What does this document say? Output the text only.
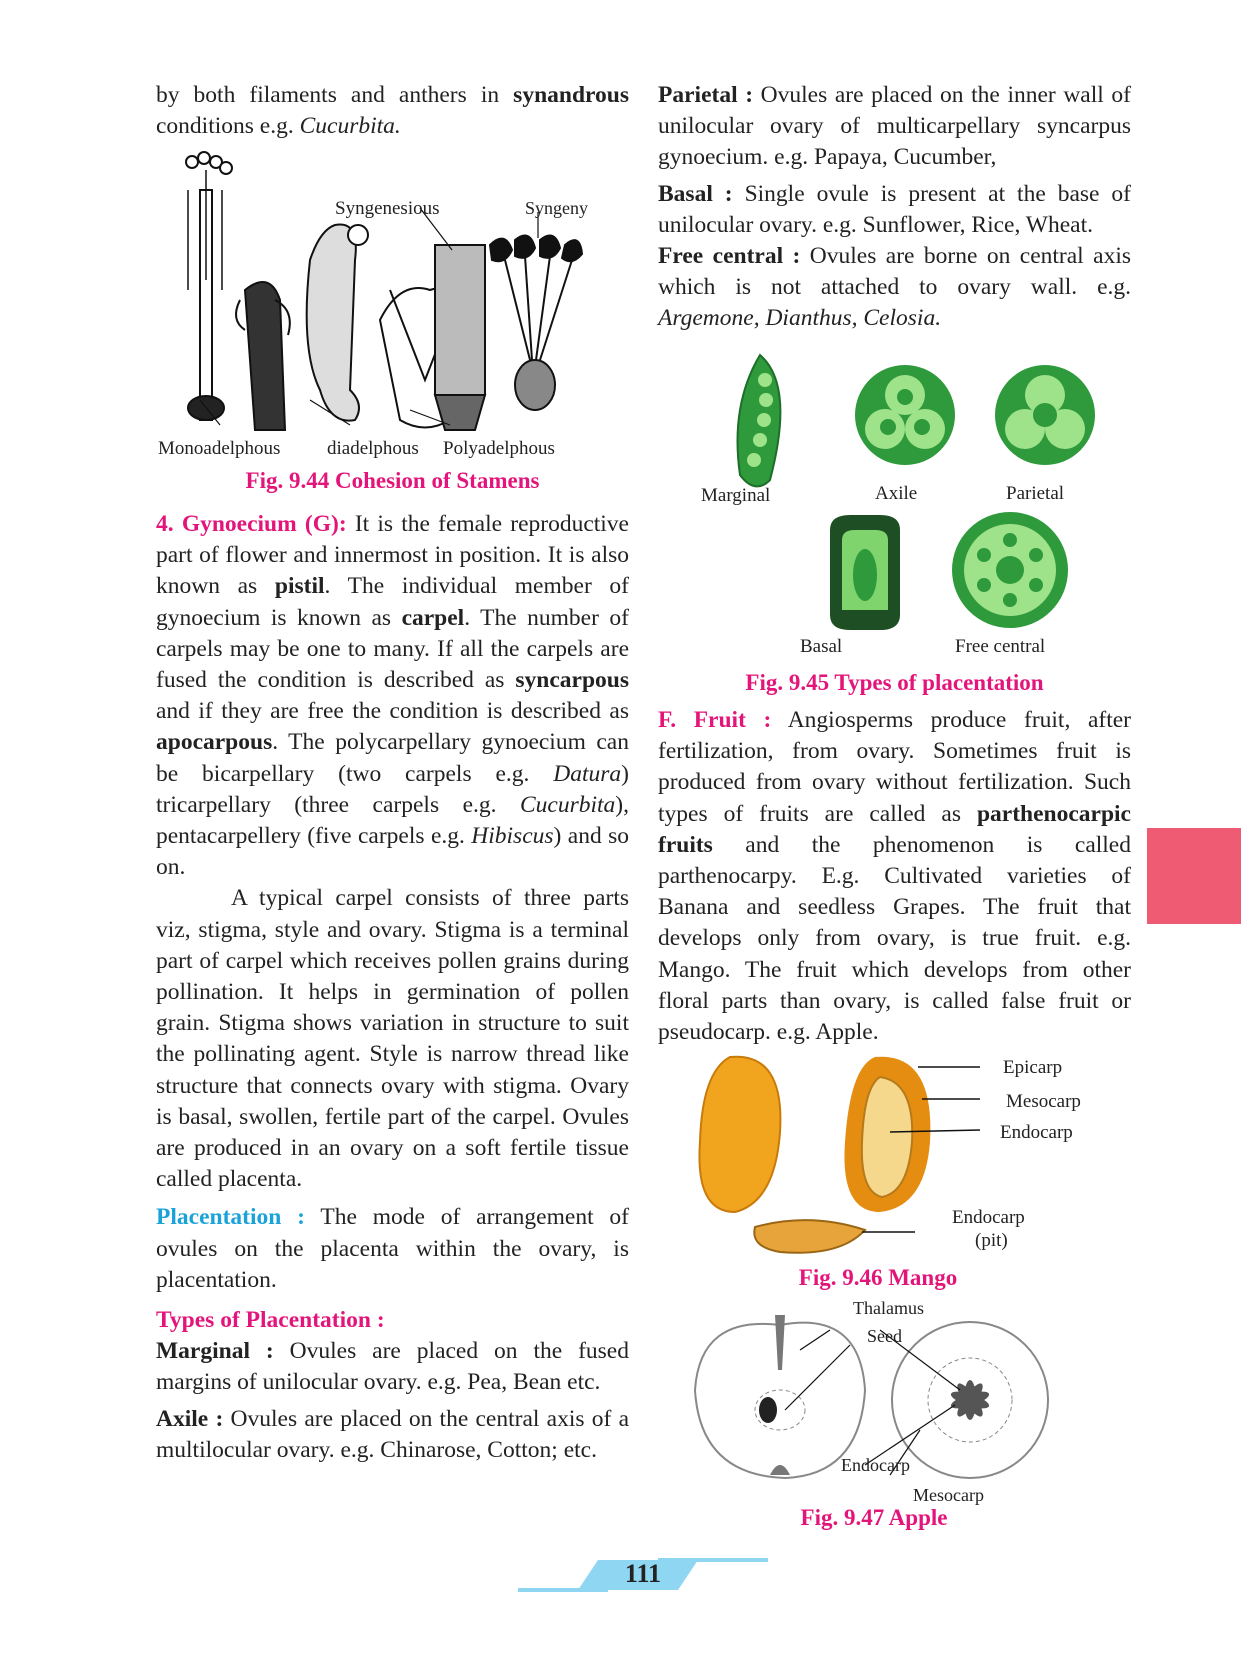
by both filaments and anthers in synandrous conditions e.g. Cucurbita.

Syngenesious	Syngeny
Monoadelphous diadelphous Polyadelphous
Fig. 9.44 Cohesion of Stamens

4. Gynoecium (G): It is the female reproductive part of flower and innermost in position. It is also known as pistil. The individual member of gynoecium is known as carpel. The number of carpels may be one to many. If all the carpels are fused the condition is described as syncarpous and if they are free the condition is described as apocarpous. The polycarpellary gynoecium can be bicarpellary (two carpels e.g. Datura) tricarpellary (three carpels e.g. Cucurbita), pentacarpellery (five carpels e.g. Hibiscus) and so on.

A typical carpel consists of three parts viz, stigma, style and ovary. Stigma is a terminal part of carpel which receives pollen grains during pollination. It helps in germination of pollen grain. Stigma shows variation in structure to suit the pollinating agent. Style is narrow thread like structure that connects ovary with stigma. Ovary is basal, swollen, fertile part of the carpel. Ovules are produced in an ovary on a soft fertile tissue called placenta.

Placentation : The mode of arrangement of ovules on the placenta within the ovary, is placentation.

Types of Placentation :

Marginal : Ovules are placed on the fused margins of unilocular ovary. e.g. Pea, Bean etc.

Axile : Ovules are placed on the central axis of a multilocular ovary. e.g. Chinarose, Cotton; etc.

Parietal : Ovules are placed on the inner wall of unilocular ovary of multicarpellary syncarpus gynoecium. e.g. Papaya, Cucumber,

Basal : Single ovule is present at the base of unilocular ovary. e.g. Sunflower, Rice, Wheat.

Free central : Ovules are borne on central axis which is not attached to ovary wall. e.g. Argemone, Dianthus, Celosia.

Marginal	Axile	Parietal
Basal	Free central
Fig. 9.45 Types of placentation

F. Fruit : Angiosperms produce fruit, after fertilization, from ovary. Sometimes fruit is produced from ovary without fertilization. Such types of fruits are called as parthenocarpic fruits and the phenomenon is called parthenocarpy. E.g. Cultivated varieties of Banana and seedless Grapes. The fruit that develops only from ovary, is true fruit. e.g. Mango. The fruit which develops from other floral parts than ovary, is called false fruit or pseudocarp. e.g. Apple.

Epicarp
Mesocarp
Endocarp
Endocarp
(pit)
Fig. 9.46 Mango
Thalamus
Seed
Endocarp
Mesocarp
Fig. 9.47 Apple
111
